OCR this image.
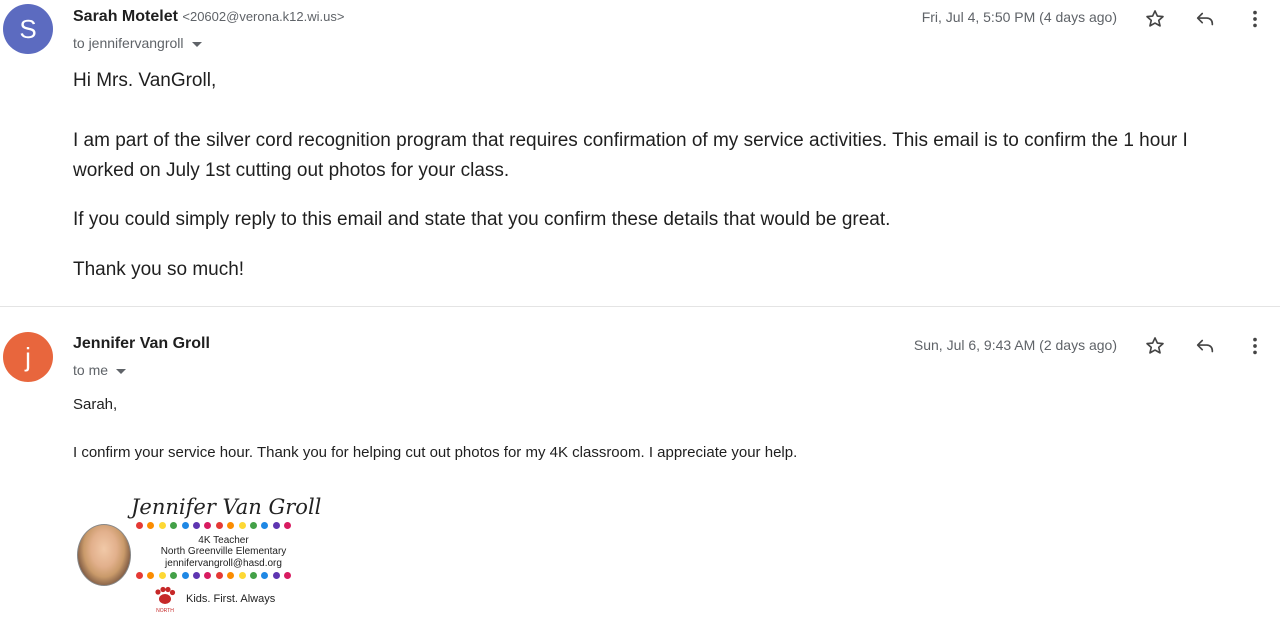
S	Sarah Motelet <20602@verona.k12.wi.us>
to jennifervangroll
Fri, Jul 4, 5:50 PM (4 days ago)

Hi Mrs. VanGroll,

I am part of the silver cord recognition program that requires confirmation of my service activities. This email is to confirm the 1 hour I worked on July 1st cutting out photos for your class.

If you could simply reply to this email and state that you confirm these details that would be great.

Thank you so much!

j	Jennifer Van Groll
to me
Sun, Jul 6, 9:43 AM (2 days ago)

Sarah,

I confirm your service hour. Thank you for helping cut out photos for my 4K classroom. I appreciate your help.

Jennifer Van Groll
4K Teacher
North Greenville Elementary
jennifervangroll@hasd.org
NORTH
Kids. First. Always
